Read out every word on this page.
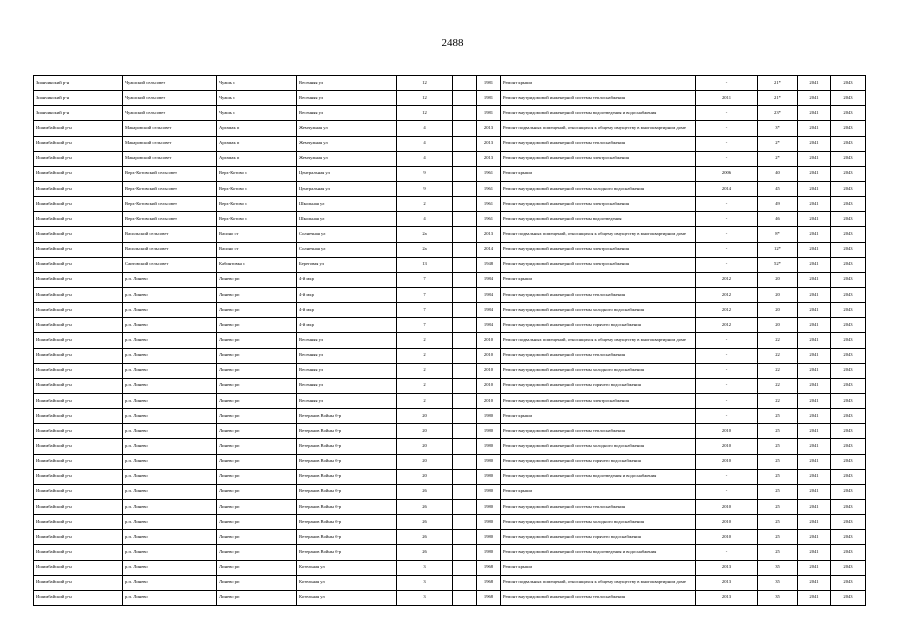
2488
Зианчинский р-н	Чуашский сельсовет	Чуашь с	Весенняя ул	12		1981	Ремонт крыши	-	21*	2041	2043
Зианчинский р-н	Чуашский сельсовет	Чуашь с	Весенняя ул	12		1981	Ремонт внутридомовой инженерной системы теплоснабжения	2011	21*	2041	2043
Зианчинский р-н	Чуашский сельсовет	Чуашь с	Весенняя ул	12		1981	Ремонт внутридомовой инженерной системы водоотведения и водоснабжения	-	23*	2041	2043
Ишимбайский р-н	Макаровский сельсовет	Аргамак п	Жемчужная ул	4		2013	Ремонт подвальных помещений, относящихся к общему имуществу в многоквартирном доме	-	3*	2041	2043
Ишимбайский р-н	Макаровский сельсовет	Аргамак п	Жемчужная ул	4		2013	Ремонт внутридомовой инженерной системы теплоснабжения	-	2*	2041	2043
Ишимбайский р-н	Макаровский сельсовет	Аргамак п	Жемчужная ул	4		2013	Ремонт внутридомовой инженерной системы электроснабжения	-	2*	2041	2043
Ишимбайский р-н	Верх-Котовский сельсовет	Верх-Котово с	Центральная ул	9		1961	Ремонт крыши	2006	40	2041	2043
Ишимбайский р-н	Верх-Котовский сельсовет	Верх-Котово с	Центральная ул	9		1961	Ремонт внутридомовой инженерной системы холодного водоснабжения	2014	45	2041	2043
Ишимбайский р-н	Верх-Котовский сельсовет	Верх-Котово с	Школьная ул	2		1961	Ремонт внутридомовой инженерной системы электроснабжения	-	49	2041	2043
Ишимбайский р-н	Верх-Котовский сельсовет	Верх-Котово с	Школьная ул	4		1961	Ремонт внутридомовой инженерной системы водоотведения	-	46	2041	2043
Ишимбайский р-н	Васильский сельсовет	Васино ст	Солнечная ул	2а		2013	Ремонт подвальных помещений, относящихся к общему имуществу в многоквартирном доме	-	8*	2041	2043
Ишимбайский р-н	Васильский сельсовет	Васино ст	Солнечная ул	2а		2014	Ремонт внутридомовой инженерной системы электроснабжения	-	12*	2041	2043
Ишимбайский р-н	Саитовский сельсовет	Кабинтовка с	Береговая ул	13		1948	Ремонт внутридомовой инженерной системы электроснабжения	-	52*	2041	2043
Ишимбайский р-н	р.п. Линево	Линево рп	4-й мкр	7		1984	Ремонт крыши	2012	20	2041	2043
Ишимбайский р-н	р.п. Линево	Линево рп	4-й мкр	7		1984	Ремонт внутридомовой инженерной системы теплоснабжения	2012	20	2041	2043
Ишимбайский р-н	р.п. Линево	Линево рп	4-й мкр	7		1984	Ремонт внутридомовой инженерной системы холодного водоснабжения	2012	20	2041	2043
Ишимбайский р-н	р.п. Линево	Линево рп	4-й мкр	7		1984	Ремонт внутридомовой инженерной системы горячего водоснабжения	2012	20	2041	2043
Ишимбайский р-н	р.п. Линево	Линево рп	Весенняя ул	2		2010	Ремонт подвальных помещений, относящихся к общему имуществу в многоквартирном доме	-	22	2041	2043
Ишимбайский р-н	р.п. Линево	Линево рп	Весенняя ул	2		2010	Ремонт внутридомовой инженерной системы теплоснабжения	-	22	2041	2043
Ишимбайский р-н	р.п. Линево	Линево рп	Весенняя ул	2		2010	Ремонт внутридомовой инженерной системы холодного водоснабжения	-	22	2041	2043
Ишимбайский р-н	р.п. Линево	Линево рп	Весенняя ул	2		2010	Ремонт внутридомовой инженерной системы горячего водоснабжения	-	22	2041	2043
Ишимбайский р-н	р.п. Линево	Линево рп	Весенняя ул	2		2010	Ремонт внутридомовой инженерной системы электроснабжения	-	22	2041	2043
Ишимбайский р-н	р.п. Линево	Линево рп	Ветеранов Войны б-р	20		1980	Ремонт крыши	-	25	2041	2043
Ишимбайский р-н	р.п. Линево	Линево рп	Ветеранов Войны б-р	20		1980	Ремонт внутридомовой инженерной системы теплоснабжения	2010	25	2041	2043
Ишимбайский р-н	р.п. Линево	Линево рп	Ветеранов Войны б-р	20		1980	Ремонт внутридомовой инженерной системы холодного водоснабжения	2010	25	2041	2043
Ишимбайский р-н	р.п. Линево	Линево рп	Ветеранов Войны б-р	20		1980	Ремонт внутридомовой инженерной системы горячего водоснабжения	2010	25	2041	2043
Ишимбайский р-н	р.п. Линево	Линево рп	Ветеранов Войны б-р	20		1980	Ремонт внутридомовой инженерной системы водоотведения и водоснабжения	-	25	2041	2043
Ишимбайский р-н	р.п. Линево	Линево рп	Ветеранов Войны б-р	26		1980	Ремонт крыши	-	25	2041	2043
Ишимбайский р-н	р.п. Линево	Линево рп	Ветеранов Войны б-р	26		1980	Ремонт внутридомовой инженерной системы теплоснабжения	2010	25	2041	2043
Ишимбайский р-н	р.п. Линево	Линево рп	Ветеранов Войны б-р	26		1980	Ремонт внутридомовой инженерной системы холодного водоснабжения	2010	25	2041	2043
Ишимбайский р-н	р.п. Линево	Линево рп	Ветеранов Войны б-р	26		1980	Ремонт внутридомовой инженерной системы горячего водоснабжения	2010	25	2041	2043
Ишимбайский р-н	р.п. Линево	Линево рп	Ветеранов Войны б-р	26		1980	Ремонт внутридомовой инженерной системы водоотведения и водоснабжения	-	25	2041	2043
Ишимбайский р-н	р.п. Линево	Линево рп	Котельная ул	3		1968	Ремонт крыши	2013	35	2041	2043
Ишимбайский р-н	р.п. Линево	Линево рп	Котельная ул	3		1968	Ремонт подвальных помещений, относящихся к общему имуществу в многоквартирном доме	2013	35	2041	2043
Ишимбайский р-н	р.п. Линево	Линево рп	Котельная ул	3		1968	Ремонт внутридомовой инженерной системы теплоснабжения	2013	35	2041	2043
